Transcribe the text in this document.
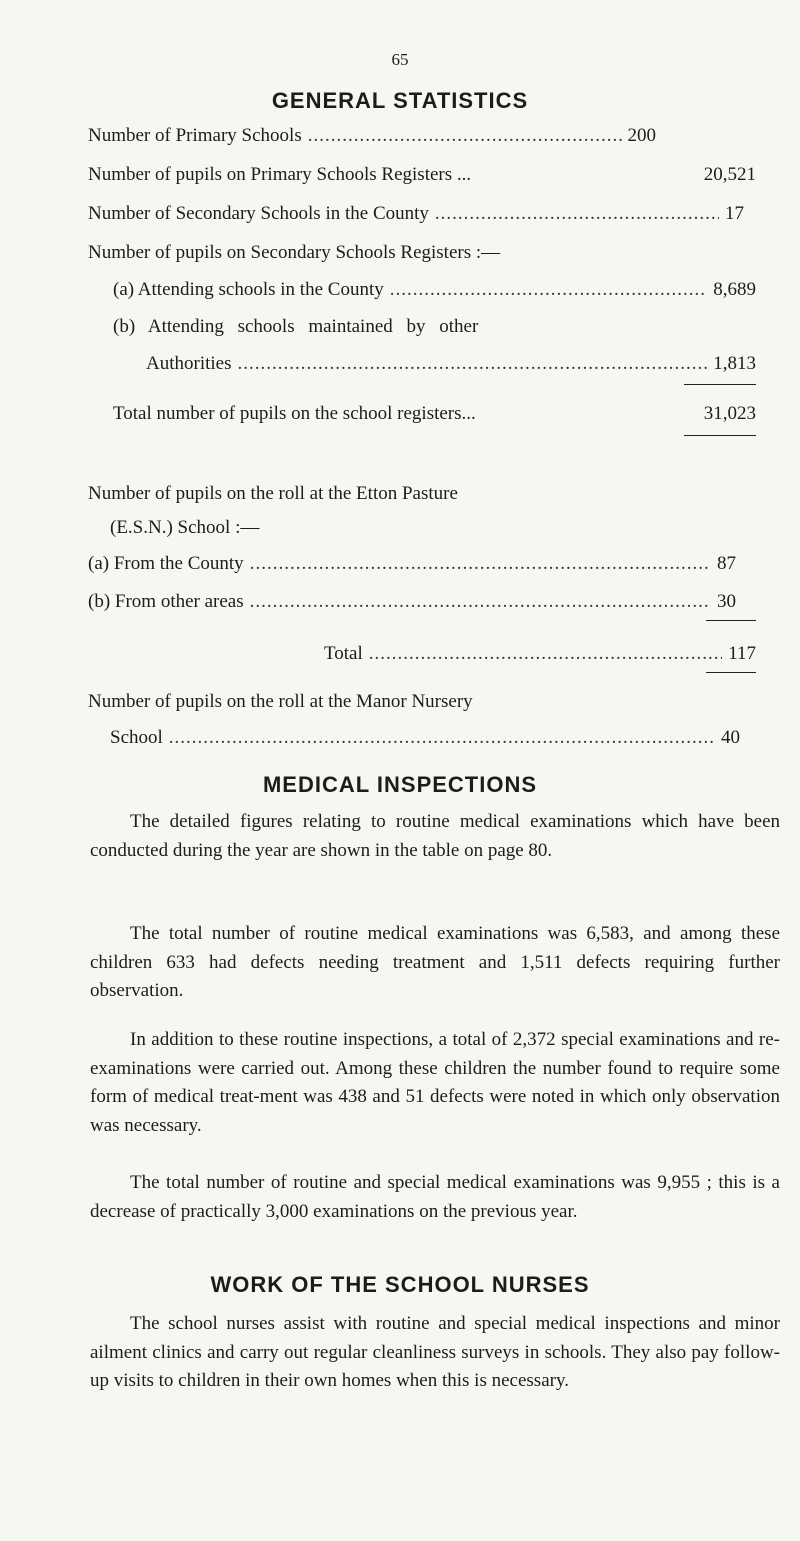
65
GENERAL STATISTICS
Number of Primary Schools .....	200
Number of pupils on Primary Schools Registers ...	20,521
Number of Secondary Schools in the County .....	17
Number of pupils on Secondary Schools Registers :—
(a) Attending schools in the County .....	8,689
(b) Attending schools maintained by other
Authorities .....	1,813
Total number of pupils on the school registers...	31,023
Number of pupils on the roll at the Etton Pasture
(E.S.N.) School :—
(a) From the County .....	87
(b) From other areas .....	30
Total .....	117
Number of pupils on the roll at the Manor Nursery
School .....	40
MEDICAL INSPECTIONS

The detailed figures relating to routine medical examinations which have been conducted during the year are shown in the table on page 80.

The total number of routine medical examinations was 6,583, and among these children 633 had defects needing treatment and 1,511 defects requiring further observation.

In addition to these routine inspections, a total of 2,372 special examinations and re-examinations were carried out. Among these children the number found to require some form of medical treat-ment was 438 and 51 defects were noted in which only observation was necessary.

The total number of routine and special medical examinations was 9,955 ; this is a decrease of practically 3,000 examinations on the previous year.

WORK OF THE SCHOOL NURSES

The school nurses assist with routine and special medical inspections and minor ailment clinics and carry out regular cleanliness surveys in schools. They also pay follow-up visits to children in their own homes when this is necessary.
